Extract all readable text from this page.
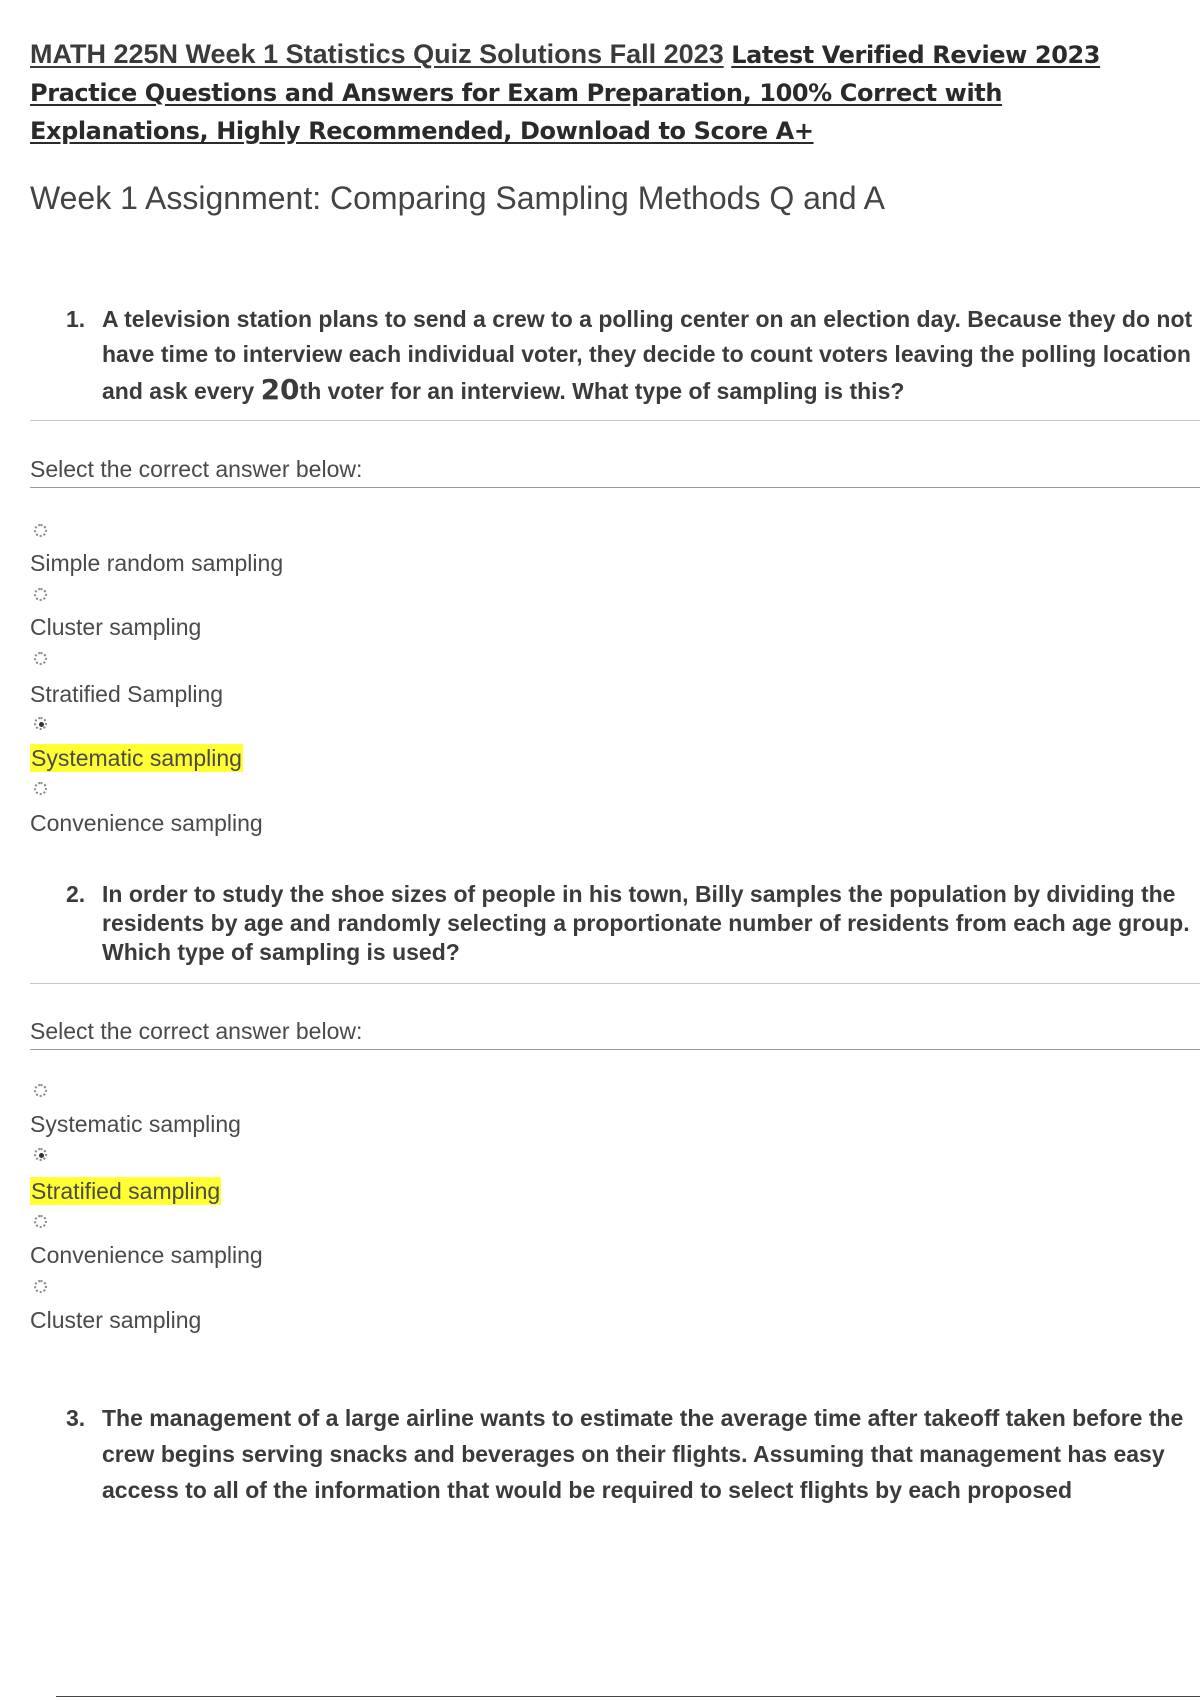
MATH 225N Week 1 Statistics Quiz Solutions Fall 2023 Latest Verified Review 2023 Practice Questions and Answers for Exam Preparation, 100% Correct with Explanations, Highly Recommended, Download to Score A+
Week 1 Assignment: Comparing Sampling Methods Q and A
1. A television station plans to send a crew to a polling center on an election day. Because they do not have time to interview each individual voter, they decide to count voters leaving the polling location and ask every 20th voter for an interview. What type of sampling is this?
Select the correct answer below:
Simple random sampling
Cluster sampling
Stratified Sampling
Systematic sampling
Convenience sampling
2. In order to study the shoe sizes of people in his town, Billy samples the population by dividing the residents by age and randomly selecting a proportionate number of residents from each age group. Which type of sampling is used?
Select the correct answer below:
Systematic sampling
Stratified sampling
Convenience sampling
Cluster sampling
3. The management of a large airline wants to estimate the average time after takeoff taken before the crew begins serving snacks and beverages on their flights. Assuming that management has easy access to all of the information that would be required to select flights by each proposed
